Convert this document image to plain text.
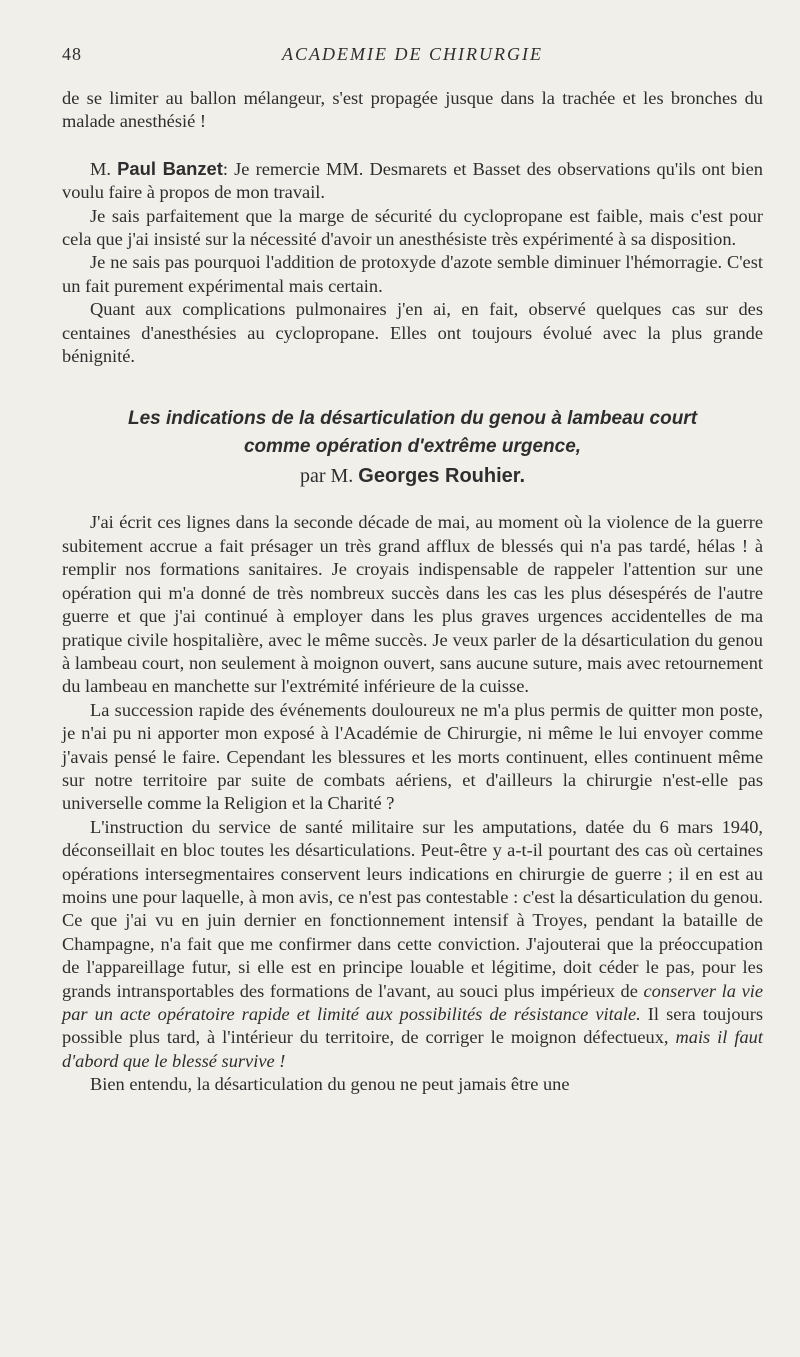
48	ACADEMIE DE CHIRURGIE

de se limiter au ballon mélangeur, s'est propagée jusque dans la trachée et les bronches du malade anesthésié !

M. Paul Banzet: Je remercie MM. Desmarets et Basset des observations qu'ils ont bien voulu faire à propos de mon travail.

Je sais parfaitement que la marge de sécurité du cyclopropane est faible, mais c'est pour cela que j'ai insisté sur la nécessité d'avoir un anesthésiste très expérimenté à sa disposition.

Je ne sais pas pourquoi l'addition de protoxyde d'azote semble diminuer l'hémorragie. C'est un fait purement expérimental mais certain.

Quant aux complications pulmonaires j'en ai, en fait, observé quelques cas sur des centaines d'anesthésies au cyclopropane. Elles ont toujours évolué avec la plus grande bénignité.

Les indications de la désarticulation du genou à lambeau court

comme opération d'extrême urgence,

par M. Georges Rouhier.

J'ai écrit ces lignes dans la seconde décade de mai, au moment où la violence de la guerre subitement accrue a fait présager un très grand afflux de blessés qui n'a pas tardé, hélas ! à remplir nos formations sanitaires. Je croyais indispensable de rappeler l'attention sur une opération qui m'a donné de très nombreux succès dans les cas les plus désespérés de l'autre guerre et que j'ai continué à employer dans les plus graves urgences accidentelles de ma pratique civile hospitalière, avec le même succès. Je veux parler de la désarticulation du genou à lambeau court, non seulement à moignon ouvert, sans aucune suture, mais avec retournement du lambeau en manchette sur l'extrémité inférieure de la cuisse.

La succession rapide des événements douloureux ne m'a plus permis de quitter mon poste, je n'ai pu ni apporter mon exposé à l'Académie de Chirurgie, ni même le lui envoyer comme j'avais pensé le faire. Cependant les blessures et les morts continuent, elles continuent même sur notre territoire par suite de combats aériens, et d'ailleurs la chirurgie n'est-elle pas universelle comme la Religion et la Charité ?

L'instruction du service de santé militaire sur les amputations, datée du 6 mars 1940, déconseillait en bloc toutes les désarticulations. Peut-être y a-t-il pourtant des cas où certaines opérations intersegmentaires conservent leurs indications en chirurgie de guerre ; il en est au moins une pour laquelle, à mon avis, ce n'est pas contestable : c'est la désarticulation du genou. Ce que j'ai vu en juin dernier en fonctionnement intensif à Troyes, pendant la bataille de Champagne, n'a fait que me confirmer dans cette conviction. J'ajouterai que la préoccupation de l'appareillage futur, si elle est en principe louable et légitime, doit céder le pas, pour les grands intransportables des formations de l'avant, au souci plus impérieux de conserver la vie par un acte opératoire rapide et limité aux possibilités de résistance vitale. Il sera toujours possible plus tard, à l'intérieur du territoire, de corriger le moignon défectueux, mais il faut d'abord que le blessé survive !

Bien entendu, la désarticulation du genou ne peut jamais être une
